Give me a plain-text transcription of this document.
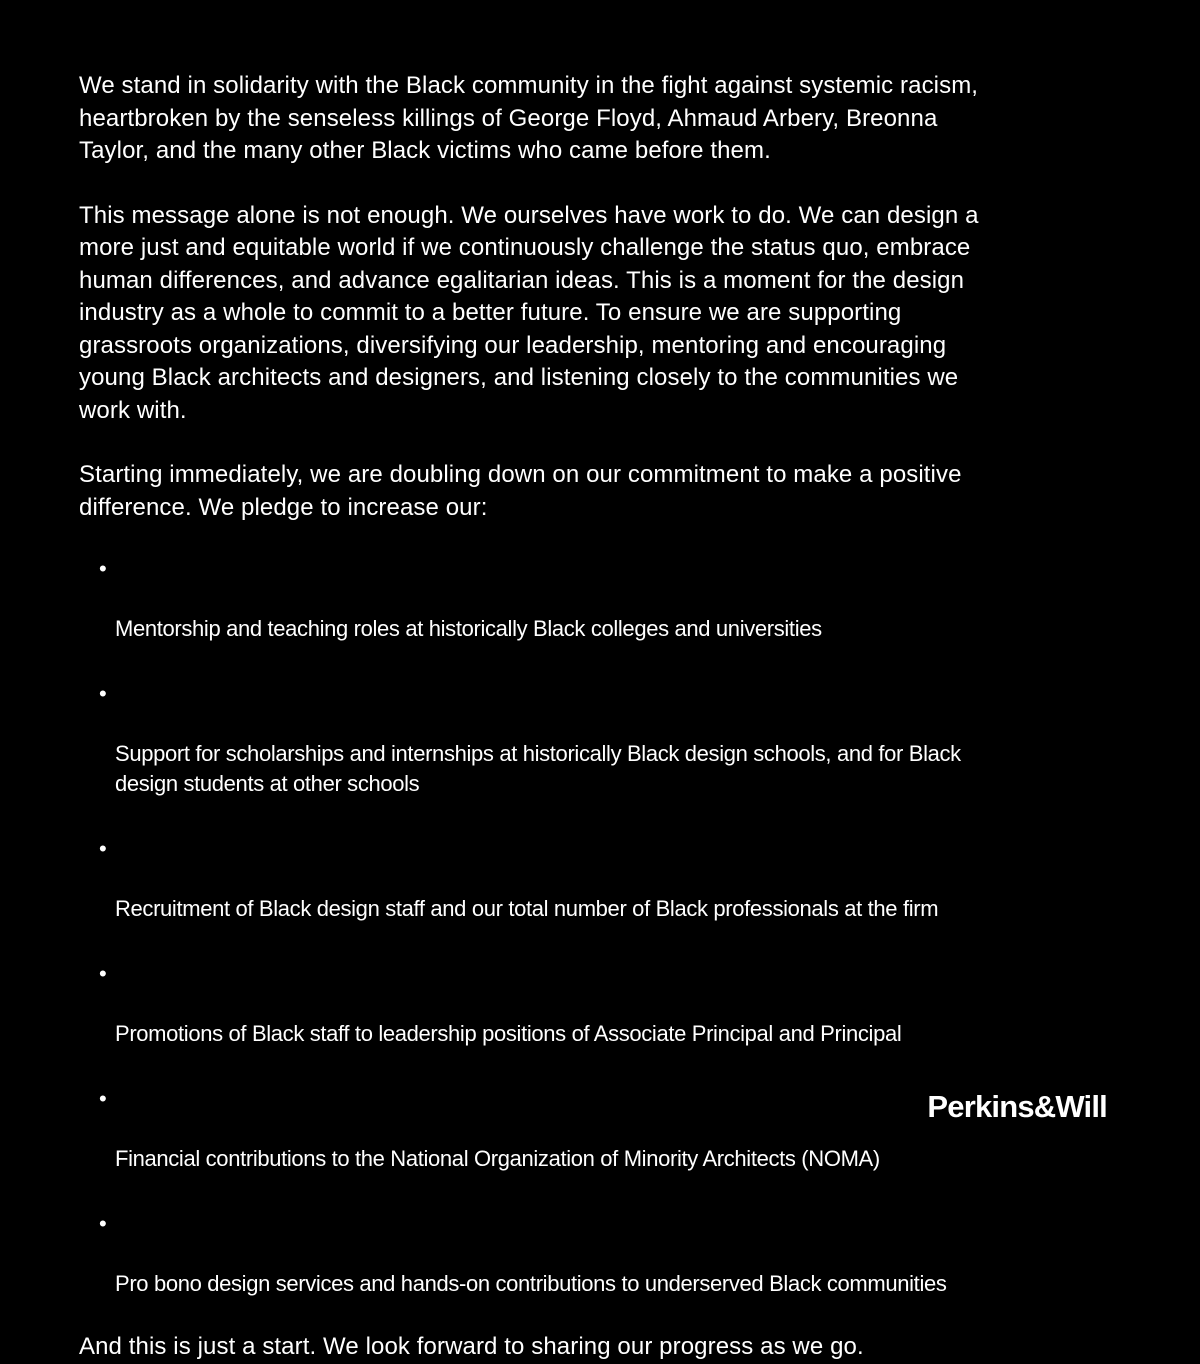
We stand in solidarity with the Black community in the fight against systemic racism,
heartbroken by the senseless killings of George Floyd, Ahmaud Arbery, Breonna
Taylor, and the many other Black victims who came before them.

This message alone is not enough. We ourselves have work to do. We can design a
more just and equitable world if we continuously challenge the status quo, embrace
human differences, and advance egalitarian ideas. This is a moment for the design
industry as a whole to commit to a better future. To ensure we are supporting
grassroots organizations, diversifying our leadership, mentoring and encouraging
young Black architects and designers, and listening closely to the communities we
work with.

Starting immediately, we are doubling down on our commitment to make a positive
difference. We pledge to increase our:

•

Mentorship and teaching roles at historically Black colleges and universities

•

Support for scholarships and internships at historically Black design schools, and for Black
design students at other schools

•

Recruitment of Black design staff and our total number of Black professionals at the firm

•

Promotions of Black staff to leadership positions of Associate Principal and Principal

•

Financial contributions to the National Organization of Minority Architects (NOMA)

•

Pro bono design services and hands-on contributions to underserved Black communities

And this is just a start. We look forward to sharing our progress as we go.

Perkins&Will
